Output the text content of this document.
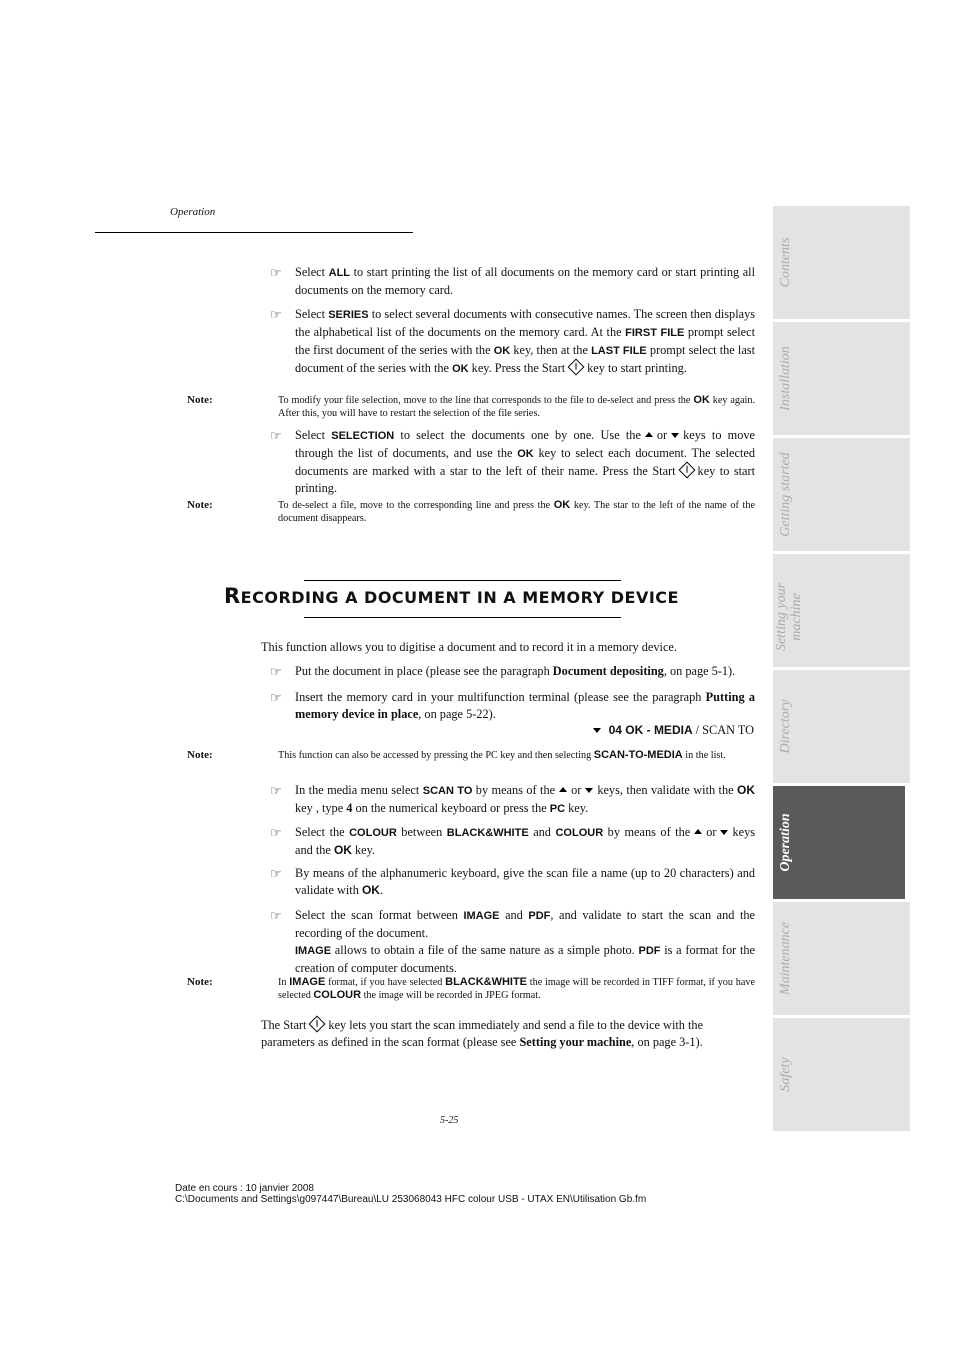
Operation
☞	Select ALL to start printing the list of all documents on the memory card or start printing all documents on the memory card.
☞	Select SERIES to select several documents with consecutive names. The screen then displays the alphabetical list of the documents on the memory card. At the FIRST FILE prompt select the first document of the series with the OK key, then at the LAST FILE prompt select the last document of the series with the OK key. Press the Start key to start printing.
Note:	To modify your file selection, move to the line that corresponds to the file to de-select and press the OK key again. After this, you will have to restart the selection of the file series.
☞	Select SELECTION to select the documents one by one. Use the or keys to move through the list of documents, and use the OK key to select each document. The selected documents are marked with a star to the left of their name. Press the Start key to start printing.
Note:	To de-select a file, move to the corresponding line and press the OK key. The star to the left of the name of the document disappears.
RECORDING A DOCUMENT IN A MEMORY DEVICE
This function allows you to digitise a document and to record it in a memory device.
☞	Put the document in place (please see the paragraph Document depositing, on page 5-1).
☞	Insert the memory card in your multifunction terminal (please see the paragraph Putting a memory device in place, on page 5-22).
04 OK - MEDIA / SCAN TO
Note:	This function can also be accessed by pressing the PC key and then selecting SCAN-TO-MEDIA in the list.
☞	In the media menu select SCAN TO by means of the or keys, then validate with the OK key , type 4 on the numerical keyboard or press the PC key.
☞	Select the COLOUR between BLACK&WHITE and COLOUR by means of the or keys and the OK key.
☞	By means of the alphanumeric keyboard, give the scan file a name (up to 20 characters) and validate with OK.
☞	Select the scan format between IMAGE and PDF, and validate to start the scan and the recording of the document.
IMAGE allows to obtain a file of the same nature as a simple photo. PDF is a format for the creation of computer documents.
Note:	In IMAGE format, if you have selected BLACK&WHITE the image will be recorded in TIFF format, if you have selected COLOUR the image will be recorded in JPEG format.
The Start key lets you start the scan immediately and send a file to the device with the parameters as defined in the scan format (please see Setting your machine, on page 3-1).
5-25
Date en cours : 10 janvier 2008
C:\Documents and Settings\g097447\Bureau\LU 253068043 HFC colour USB - UTAX EN\Utilisation Gb.fm
Contents
Installation
Getting started
Setting your machine
Directory
Operation
Maintenance
Safety
